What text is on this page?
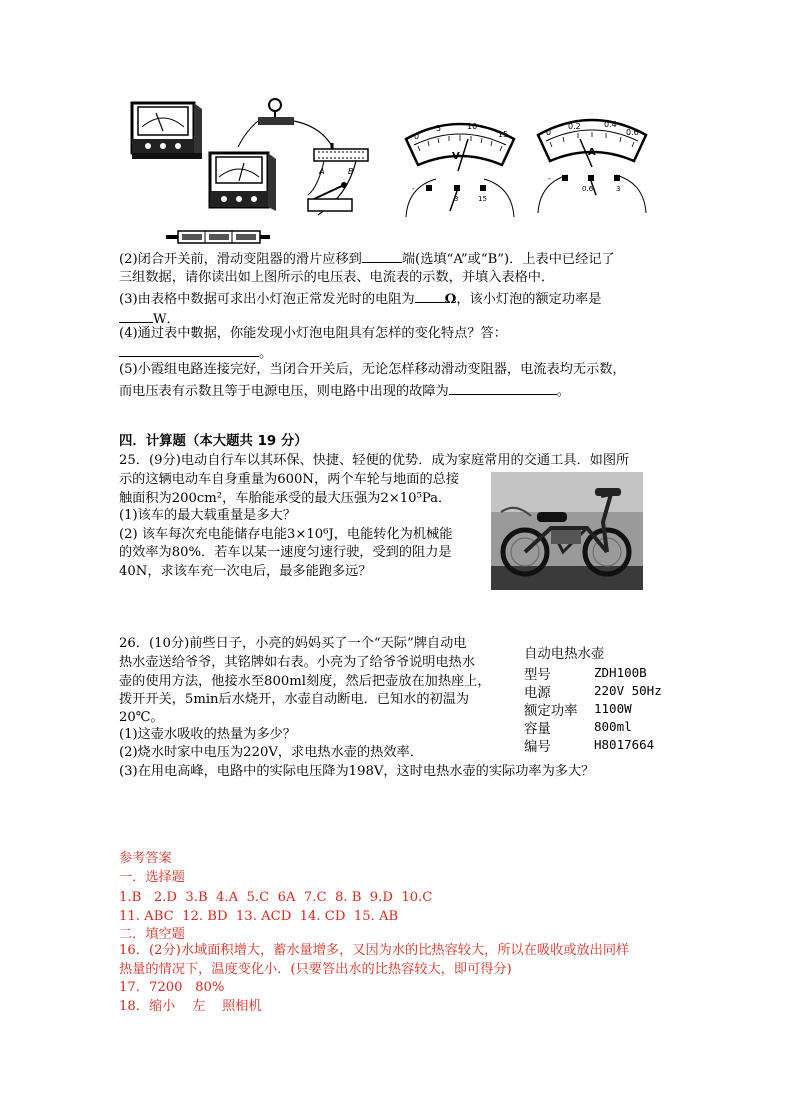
A	B
0
5	10
15
V
-
3	15
0
0.2	0.4
0.6
A
-
0.6	3
(2)闭合开关前，滑动变阻器的滑片应移到	端(选填“A”或“B”)．上表中已经记了
三组数据，请你读出如上图所示的电压表、电流表的示数，并填入表格中．
(3)由表格中数据可求出小灯泡正常发光时的电阻为 Ω，该小灯泡的额定功率是
W．
(4)通过表中數据，你能发现小灯泡电阻具有怎样的变化特点？答：
。
(5)小霞组电路连接完好，当闭合开关后，无论怎样移动滑动变阻器，电流表均无示数，
而电压表有示数且等于电源电压，则电路中出现的故障为	。
四．计算题（本大题共 19 分）
25．(9分)电动自行车以其环保、快捷、轻便的优势．成为家庭常用的交通工具．如图所
示的这辆电动车自身重量为600N，两个车轮与地面的总接
触面积为200cm²，车胎能承受的最大压强为2×10⁵Pa．
(1)该车的最大载重量是多大？
(2) 该车每次充电能储存电能3×10⁶J，电能转化为机械能
的效率为80%．若车以某一速度匀速行驶，受到的阻力是
40N，求该车充一次电后，最多能跑多远？
26．(10分)前些日子，小亮的妈妈买了一个“天际”牌自动电
热水壶送给爷爷，其铭牌如右表。小亮为了给爷爷说明电热水
壶的使用方法，他接水至800ml刻度，然后把壶放在加热座上，
拨开开关，5min后水烧开，水壶自动断电．已知水的初温为
20℃。
(1)这壶水吸收的热量为多少？
(2)烧水时家中电压为220V，求电热水壶的热效率．
(3)在用电高峰，电路中的实际电压降为198V，这时电热水壶的实际功率为多大？
自动电热水壶
型号	ZDH100B
电源	220V 50Hz
额定功率 1100W
容量	800ml
编号	H8017664
参考答案
一．选择题
1.B   2.D  3.B  4.A  5.C  6A  7.C  8. B  9.D  10.C
11. ABC  12. BD  13. ACD  14. CD  15. AB
二．填空题
16．(2分)水域面积增大，蓄水量增多，又因为水的比热容较大，所以在吸收或放出同样
热量的情况下，温度变化小．(只要答出水的比热容较大，即可得分)
17．7200   80%
18．缩小    左    照相机
